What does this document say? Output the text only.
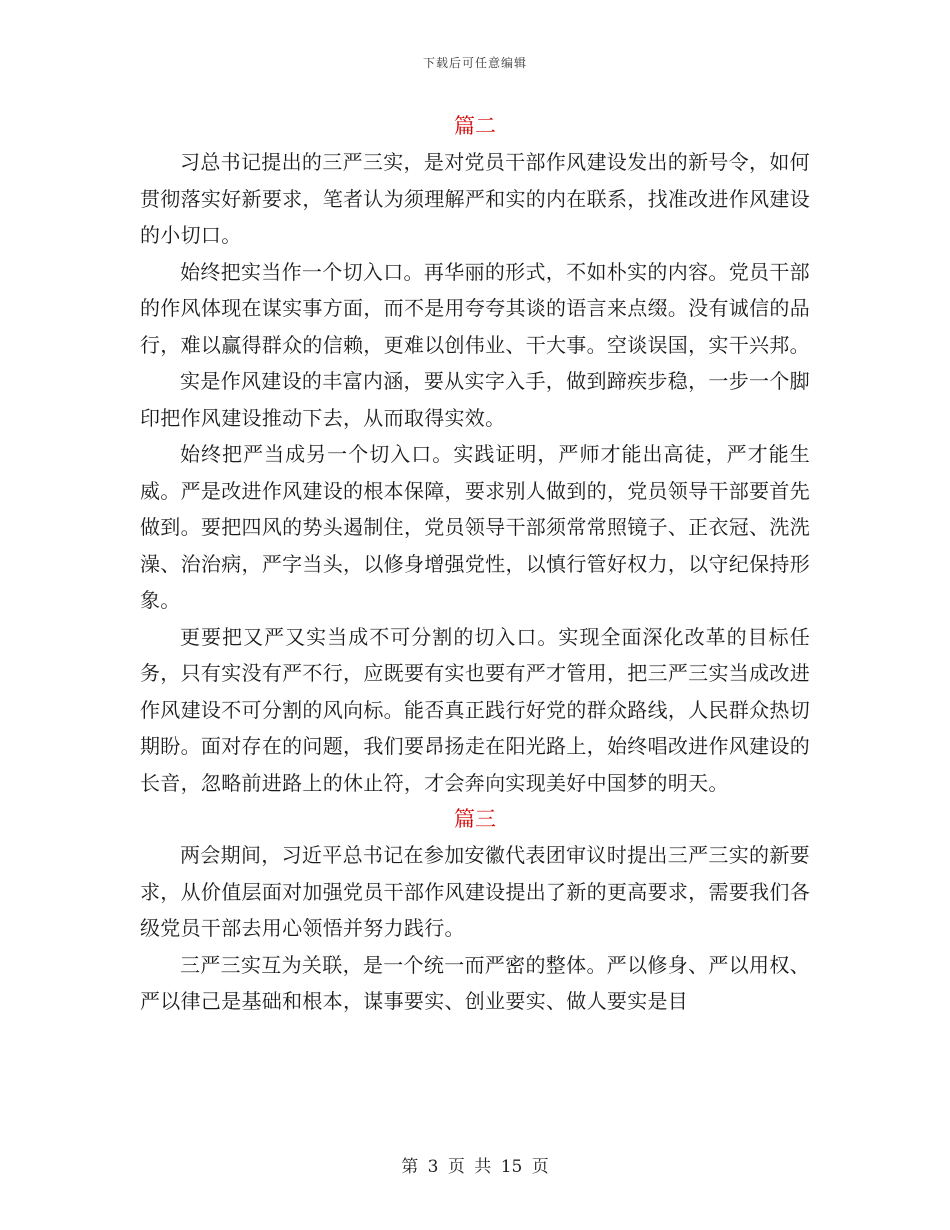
下载后可任意编辑
篇二

习总书记提出的三严三实，是对党员干部作风建设发出的新号令，如何贯彻落实好新要求，笔者认为须理解严和实的内在联系，找准改进作风建设的小切口。

始终把实当作一个切入口。再华丽的形式，不如朴实的内容。党员干部的作风体现在谋实事方面，而不是用夸夸其谈的语言来点缀。没有诚信的品行，难以赢得群众的信赖，更难以创伟业、干大事。空谈误国，实干兴邦。

实是作风建设的丰富内涵，要从实字入手，做到蹄疾步稳，一步一个脚印把作风建设推动下去，从而取得实效。

始终把严当成另一个切入口。实践证明，严师才能出高徒，严才能生威。严是改进作风建设的根本保障，要求别人做到的，党员领导干部要首先做到。要把四风的势头遏制住，党员领导干部须常常照镜子、正衣冠、洗洗澡、治治病，严字当头，以修身增强党性，以慎行管好权力，以守纪保持形象。

更要把又严又实当成不可分割的切入口。实现全面深化改革的目标任务，只有实没有严不行，应既要有实也要有严才管用，把三严三实当成改进作风建设不可分割的风向标。能否真正践行好党的群众路线，人民群众热切期盼。面对存在的问题，我们要昂扬走在阳光路上，始终唱改进作风建设的长音，忽略前进路上的休止符，才会奔向实现美好中国梦的明天。

篇三

两会期间，习近平总书记在参加安徽代表团审议时提出三严三实的新要求，从价值层面对加强党员干部作风建设提出了新的更高要求，需要我们各级党员干部去用心领悟并努力践行。

三严三实互为关联，是一个统一而严密的整体。严以修身、严以用权、严以律己是基础和根本，谋事要实、创业要实、做人要实是目

第 3 页 共 15 页
